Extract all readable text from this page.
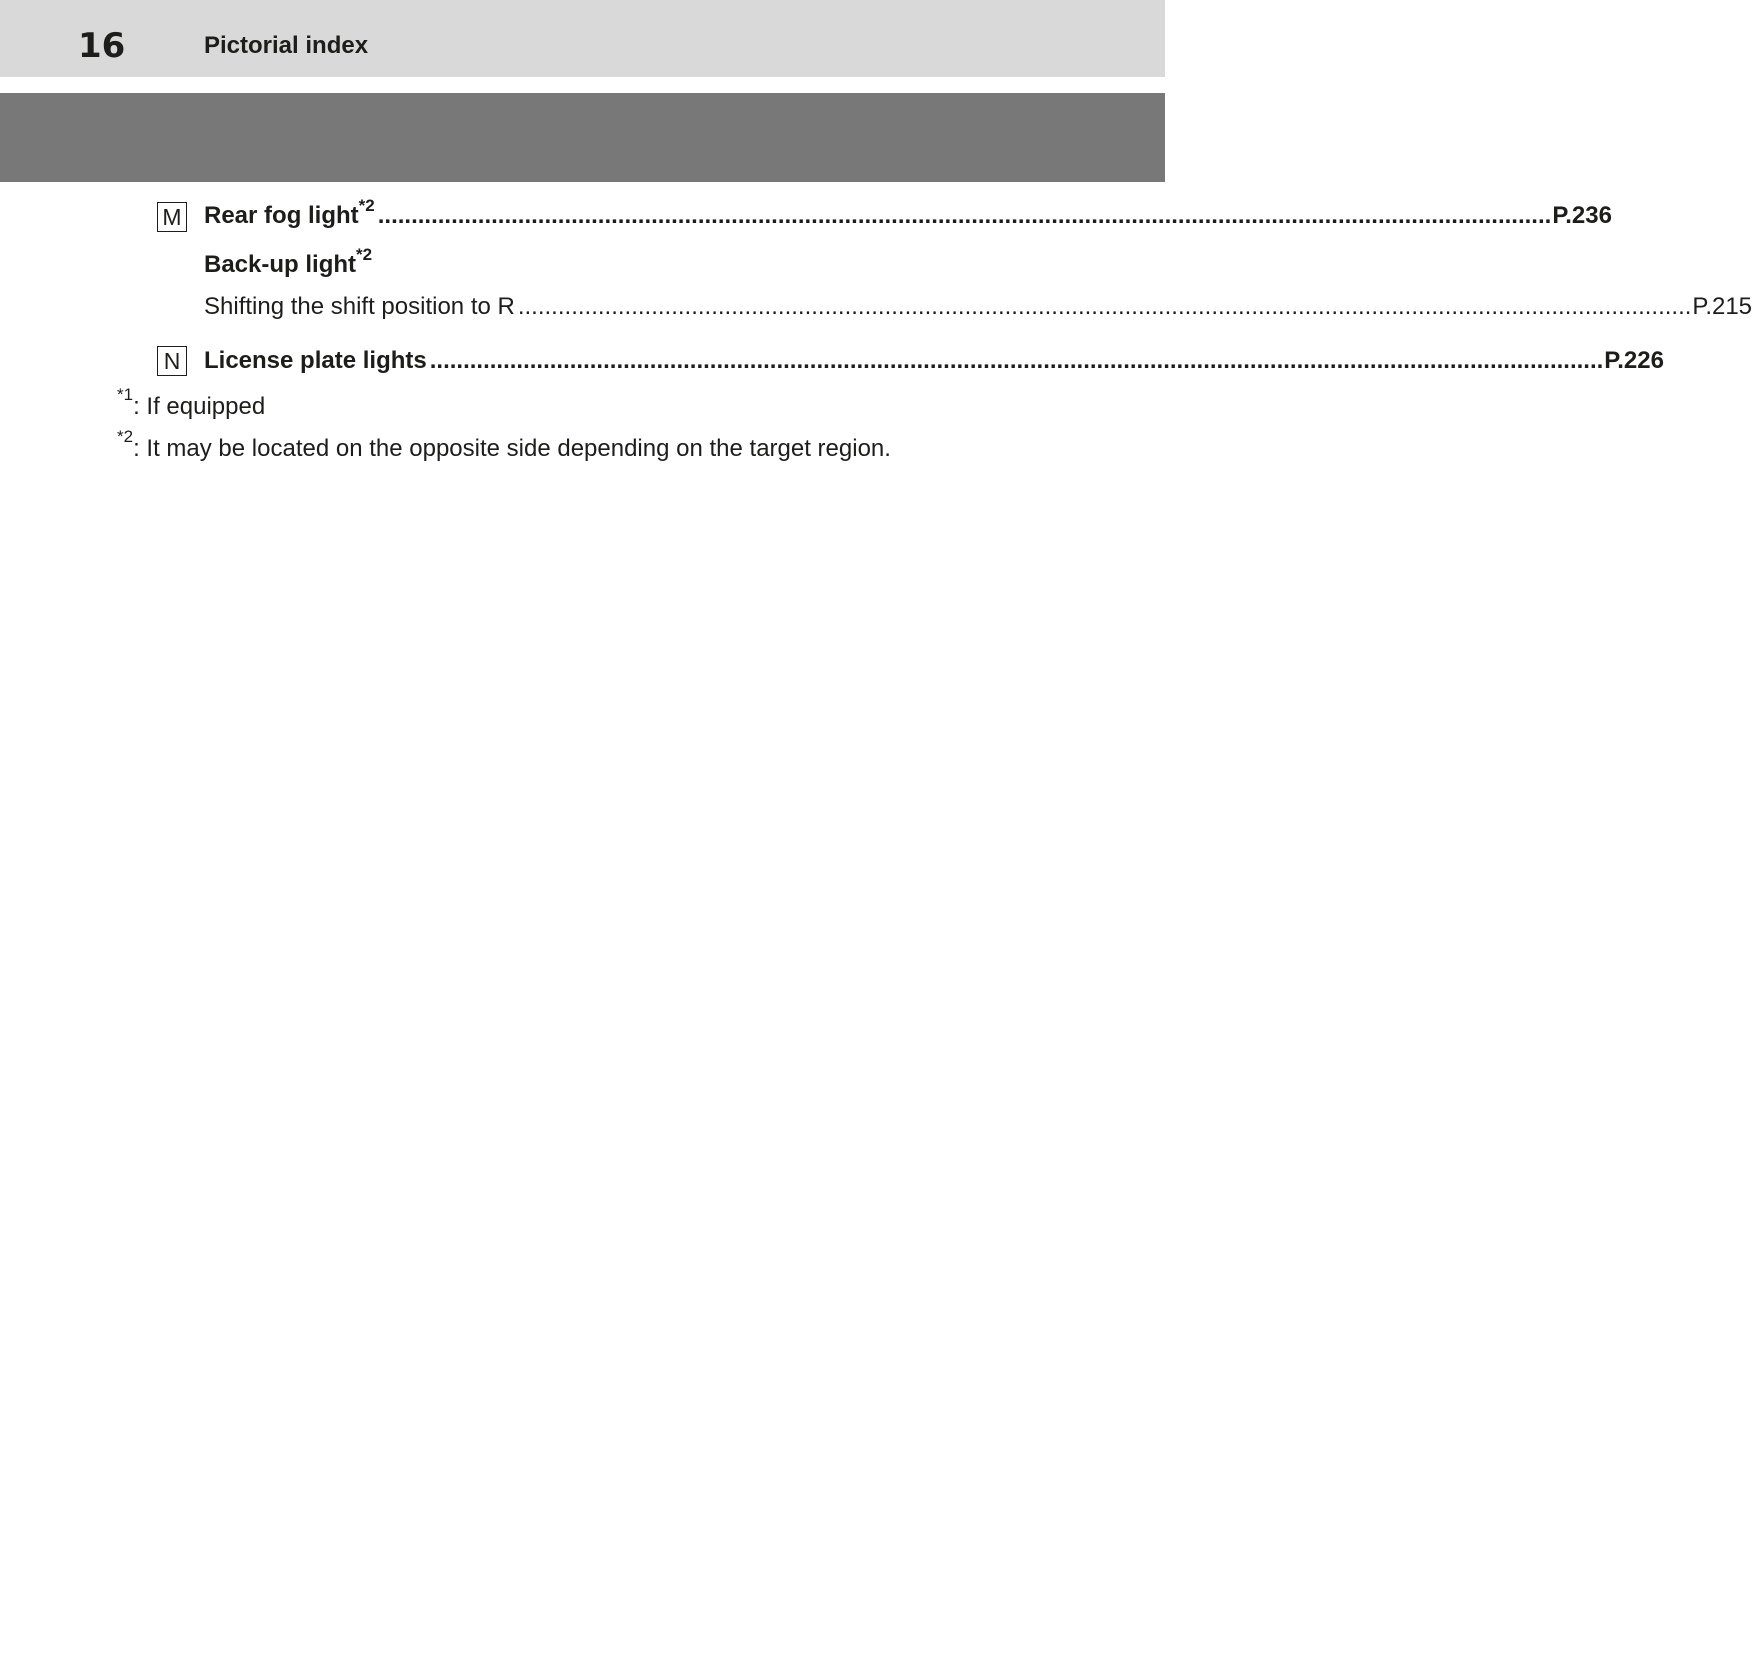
16	Pictorial index
M Rear fog light$^{*2}$ ................................................................................................................................................................................ P.236
Back-up light$^{*2}$
Shifting the shift position to R ................................................................................................................................................................................ P.215
N License plate lights ................................................................................................................................................................................ P.226
$^{*1}$: If equipped
$^{*2}$: It may be located on the opposite side depending on the target region.
